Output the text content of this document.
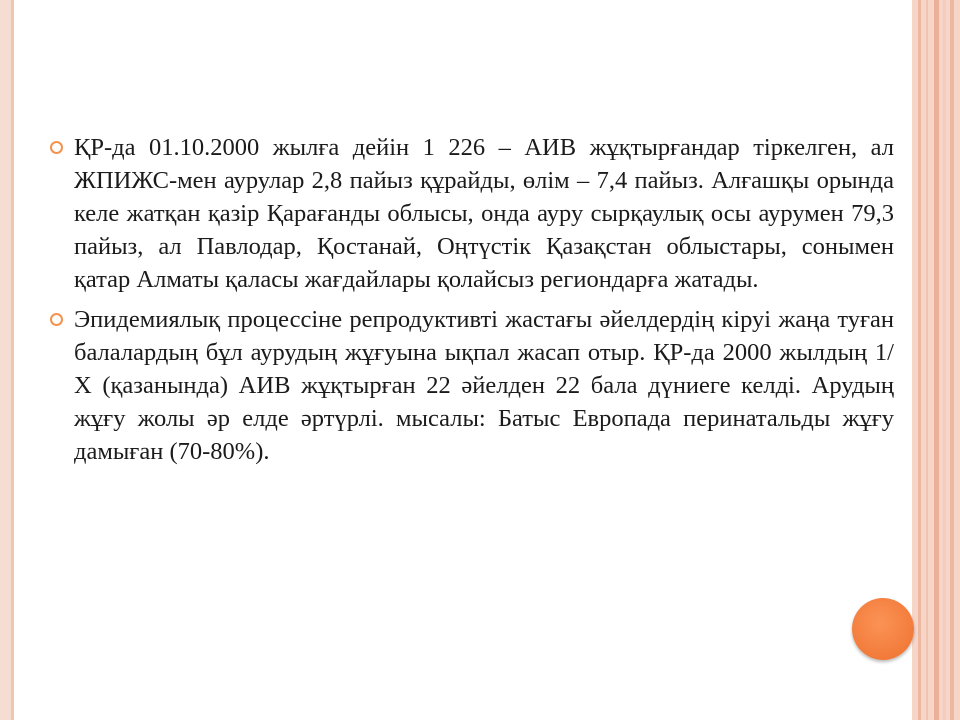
ҚР-да 01.10.2000 жылға дейін 1 226 – АИВ жұқтырғандар тіркелген, ал ЖПИЖС-мен аурулар 2,8 пайыз құрайды, өлім – 7,4 пайыз. Алғашқы орында келе жатқан қазір Қарағанды облысы, онда ауру сырқаулық осы аурумен 79,3 пайыз, ал Павлодар, Қостанай, Оңтүстік Қазақстан облыстары, сонымен қатар Алматы қаласы жағдайлары қолайсыз региондарға жатады.

Эпидемиялық процессіне репродуктивті жастағы әйелдердің кіруі жаңа туған балалардың бұл аурудың жұғуына ықпал жасап отыр. ҚР-да 2000 жылдың 1/Х (қазанында) АИВ жұқтырған 22 әйелден 22 бала дүниеге келді. Арудың жұғу жолы әр елде әртүрлі. мысалы: Батыс Европада перинатальды жұғу дамыған (70-80%).
